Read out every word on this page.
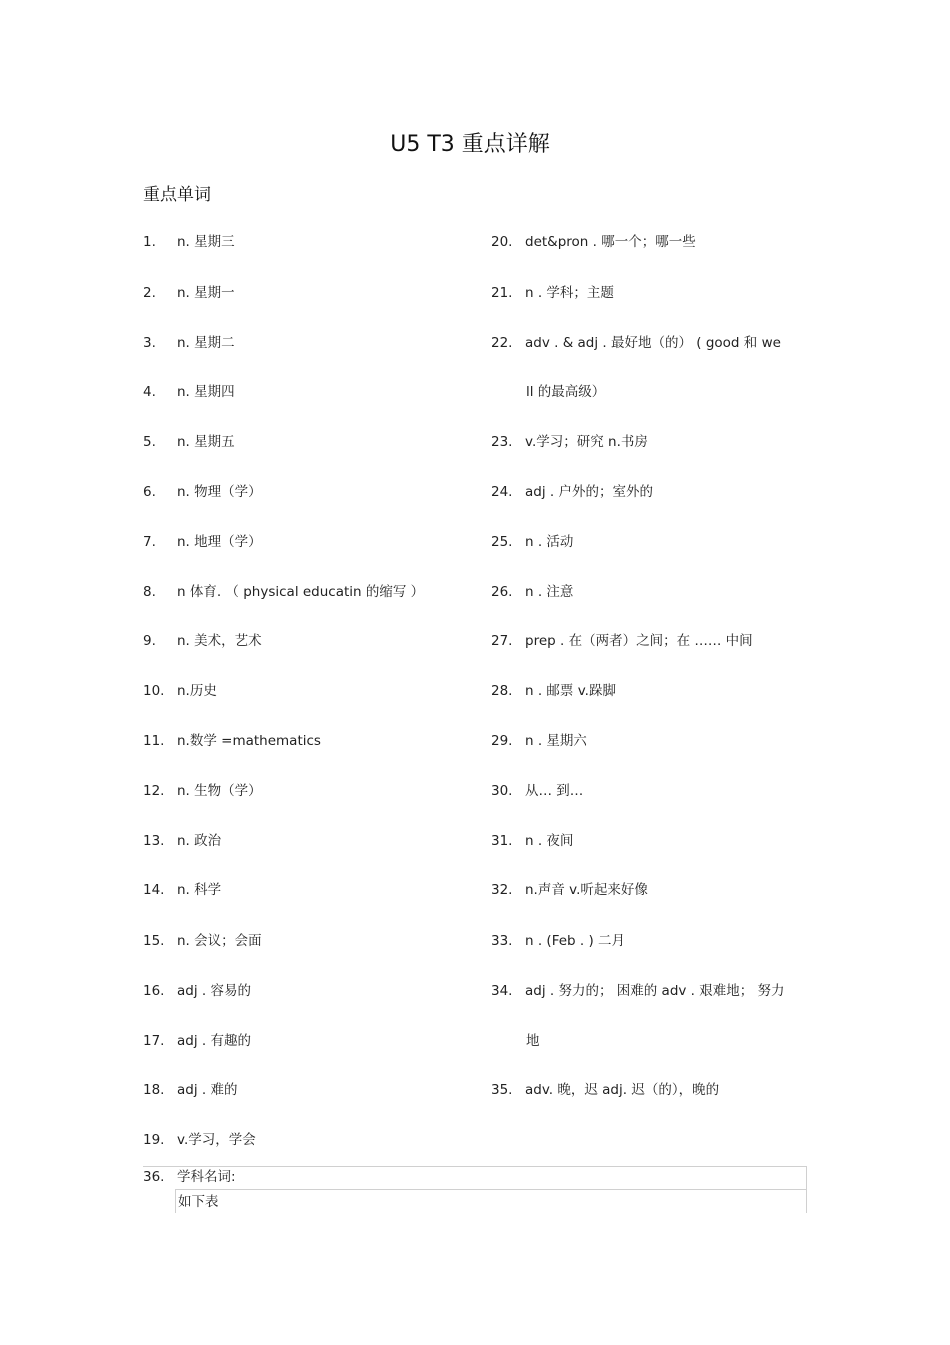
U5 T3 重点详解
重点单词
1. n. 星期三
2. n. 星期一
3. n. 星期二
4. n. 星期四
5. n. 星期五
6. n. 物理（学）
7. n. 地理（学）
8. n 体育. （ physical educatin 的缩写 ）
9. n. 美术，艺术
10. n.历史
11. n.数学 =mathematics
12. n. 生物（学）
13. n. 政治
14. n. 科学
15. n. 会议；会面
16. adj . 容易的
17. adj . 有趣的
18. adj . 难的
19. v.学习，学会
20. det&pron . 哪一个；哪一些
21. n . 学科；主题
22. adv . & adj . 最好地（的） ( good 和 we
23. v.学习；研究 n.书房
24. adj . 户外的；室外的
25. n . 活动
26. n . 注意
27. prep . 在（两者）之间；在 …… 中间
28. n . 邮票 v.跺脚
29. n . 星期六
30. 从… 到…
31. n . 夜间
32. n.声音 v.听起来好像
33. n . (Feb . ) 二月
34. adj . 努力的； 困难的 adv . 艰难地； 努力
35. adv. 晚，迟 adj. 迟（的），晚的
ll 的最高级）
地
36. 学科名词:
如下表
